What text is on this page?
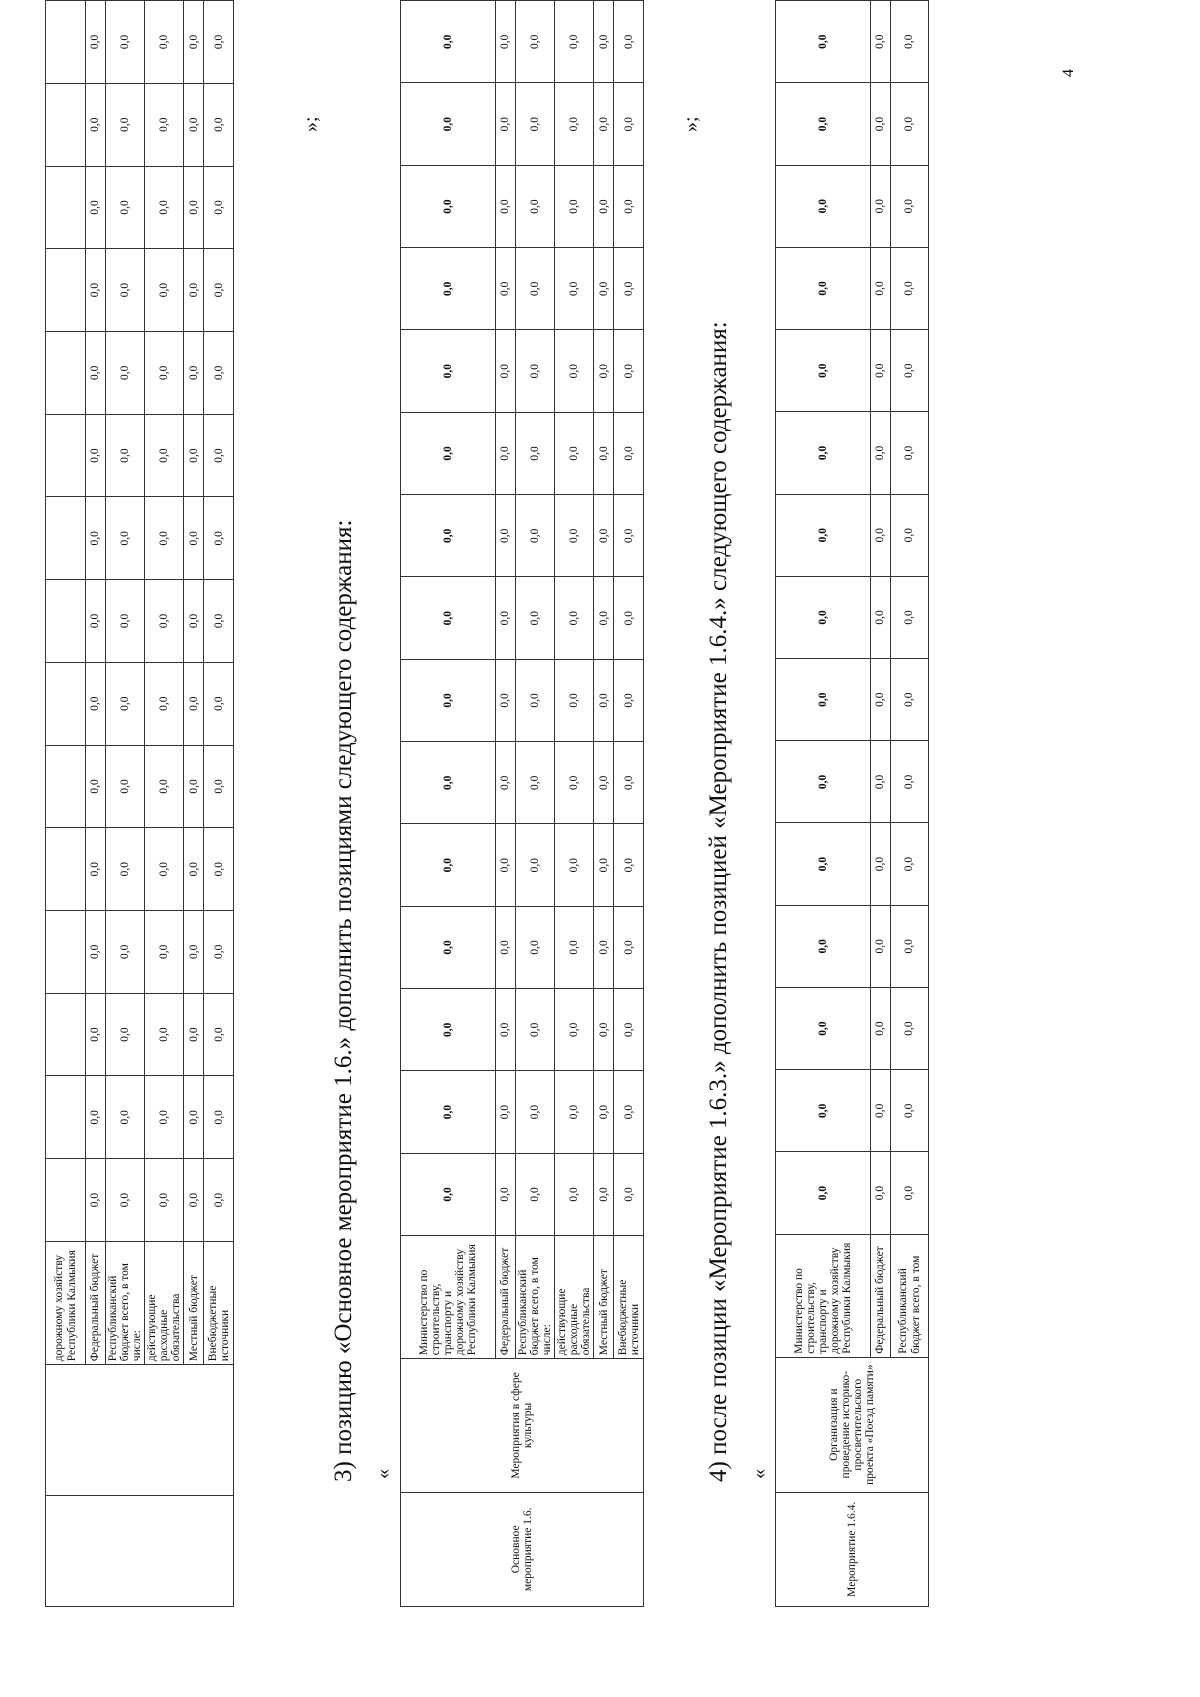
		дорожному хозяйству Республики Калмыкия															
		Федеральный бюджет	0,0	0,0	0,0	0,0	0,0	0,0	0,0	0,0	0,0	0,0	0,0	0,0	0,0	0,0	0,0
		Республиканский бюджет всего, в том числе:	0,0	0,0	0,0	0,0	0,0	0,0	0,0	0,0	0,0	0,0	0,0	0,0	0,0	0,0	0,0
		действующие расходные обязательства	0,0	0,0	0,0	0,0	0,0	0,0	0,0	0,0	0,0	0,0	0,0	0,0	0,0	0,0	0,0
		Местный бюджет	0,0	0,0	0,0	0,0	0,0	0,0	0,0	0,0	0,0	0,0	0,0	0,0	0,0	0,0	0,0
		Внебюджетные источники	0,0	0,0	0,0	0,0	0,0	0,0	0,0	0,0	0,0	0,0	0,0	0,0	0,0	0,0	0,0
»;
3) позицию «Основное мероприятие 1.6.» дополнить позициями следующего содержания: «
Основное мероприятие 1.6.	Мероприятия в сфере культуры	Министерство по строительству, транспорту и дорожному хозяйству Республики Калмыкия	0,0	0,0	0,0	0,0	0,0	0,0	0,0	0,0	0,0	0,0	0,0	0,0	0,0	0,0	0,0
		Федеральный бюджет	0,0	0,0	0,0	0,0	0,0	0,0	0,0	0,0	0,0	0,0	0,0	0,0	0,0	0,0	0,0
		Республиканский бюджет всего, в том числе:	0,0	0,0	0,0	0,0	0,0	0,0	0,0	0,0	0,0	0,0	0,0	0,0	0,0	0,0	0,0
		действующие расходные обязательства	0,0	0,0	0,0	0,0	0,0	0,0	0,0	0,0	0,0	0,0	0,0	0,0	0,0	0,0	0,0
		Местный бюджет	0,0	0,0	0,0	0,0	0,0	0,0	0,0	0,0	0,0	0,0	0,0	0,0	0,0	0,0	0,0
		Внебюджетные источники	0,0	0,0	0,0	0,0	0,0	0,0	0,0	0,0	0,0	0,0	0,0	0,0	0,0	0,0	0,0
»;
4) после позиции «Мероприятие 1.6.3.» дополнить позицией «Мероприятие 1.6.4.» следующего содержания: «
Мероприятие 1.6.4.	Организация и проведение историко-просветительского проекта «Поезд памяти»	Министерство по строительству, транспорту и дорожному хозяйству Республики Калмыкия	0,0	0,0	0,0	0,0	0,0	0,0	0,0	0,0	0,0	0,0	0,0	0,0	0,0	0,0	0,0
		Федеральный бюджет	0,0	0,0	0,0	0,0	0,0	0,0	0,0	0,0	0,0	0,0	0,0	0,0	0,0	0,0	0,0
		Республиканский бюджет всего, в том	0,0	0,0	0,0	0,0	0,0	0,0	0,0	0,0	0,0	0,0	0,0	0,0	0,0	0,0	0,0
4
